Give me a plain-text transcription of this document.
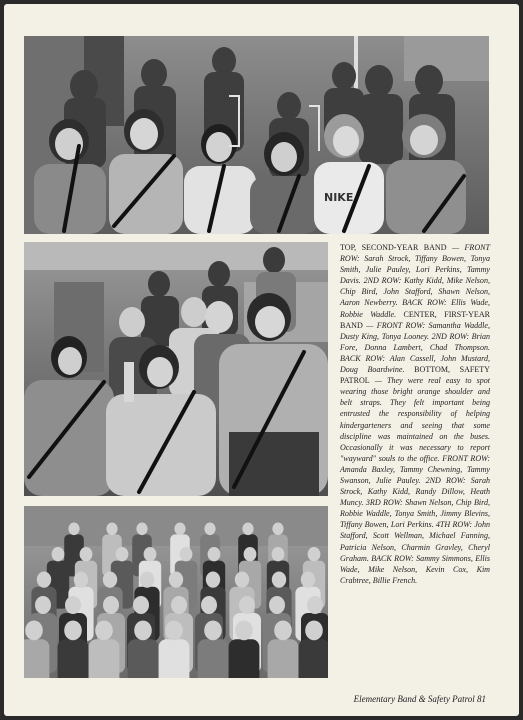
NIKE
TOP, SECOND-YEAR BAND — FRONT ROW: Sarah Strock, Tiffany Bowen, Tonya Smith, Julie Pauley, Lori Perkins, Tammy Davis. 2ND ROW: Kathy Kidd, Mike Nelson, Chip Bird, John Stafford, Shawn Nelson, Aaron Newberry. BACK ROW: Ellis Wade, Robbie Waddle. CENTER, FIRST-YEAR BAND — FRONT ROW: Samantha Waddle, Dusty King, Tonya Looney. 2ND ROW: Brian Fore, Donna Lambert, Chad Thompson. BACK ROW: Alan Cassell, John Mustard, Doug Boardwine. BOTTOM, SAFETY PATROL — They were real easy to spot wearing those bright orange shoulder and belt straps. They felt important being entrusted the responsibility of helping kindergarteners and seeing that some discipline was maintained on the buses. Occasionally it was necessary to report "wayward" souls to the office. FRONT ROW: Amanda Baxley, Tammy Chewning, Tammy Swanson, Julie Pauley. 2ND ROW: Sarah Strock, Kathy Kidd, Randy Dillow, Heath Muncy. 3RD ROW: Shawn Nelson, Chip Bird, Robbie Waddle, Tonya Smith, Jimmy Blevins, Tiffany Bowen, Lori Perkins. 4TH ROW: John Stafford, Scott Wellman, Michael Fanning, Patricia Nelson, Charmin Gravley, Cheryl Graham. BACK ROW: Sammy Simmons, Ellis Wade, Mike Nelson, Kevin Cox, Kim Crabtree, Billie French.
Elementary Band & Safety Patrol 81
